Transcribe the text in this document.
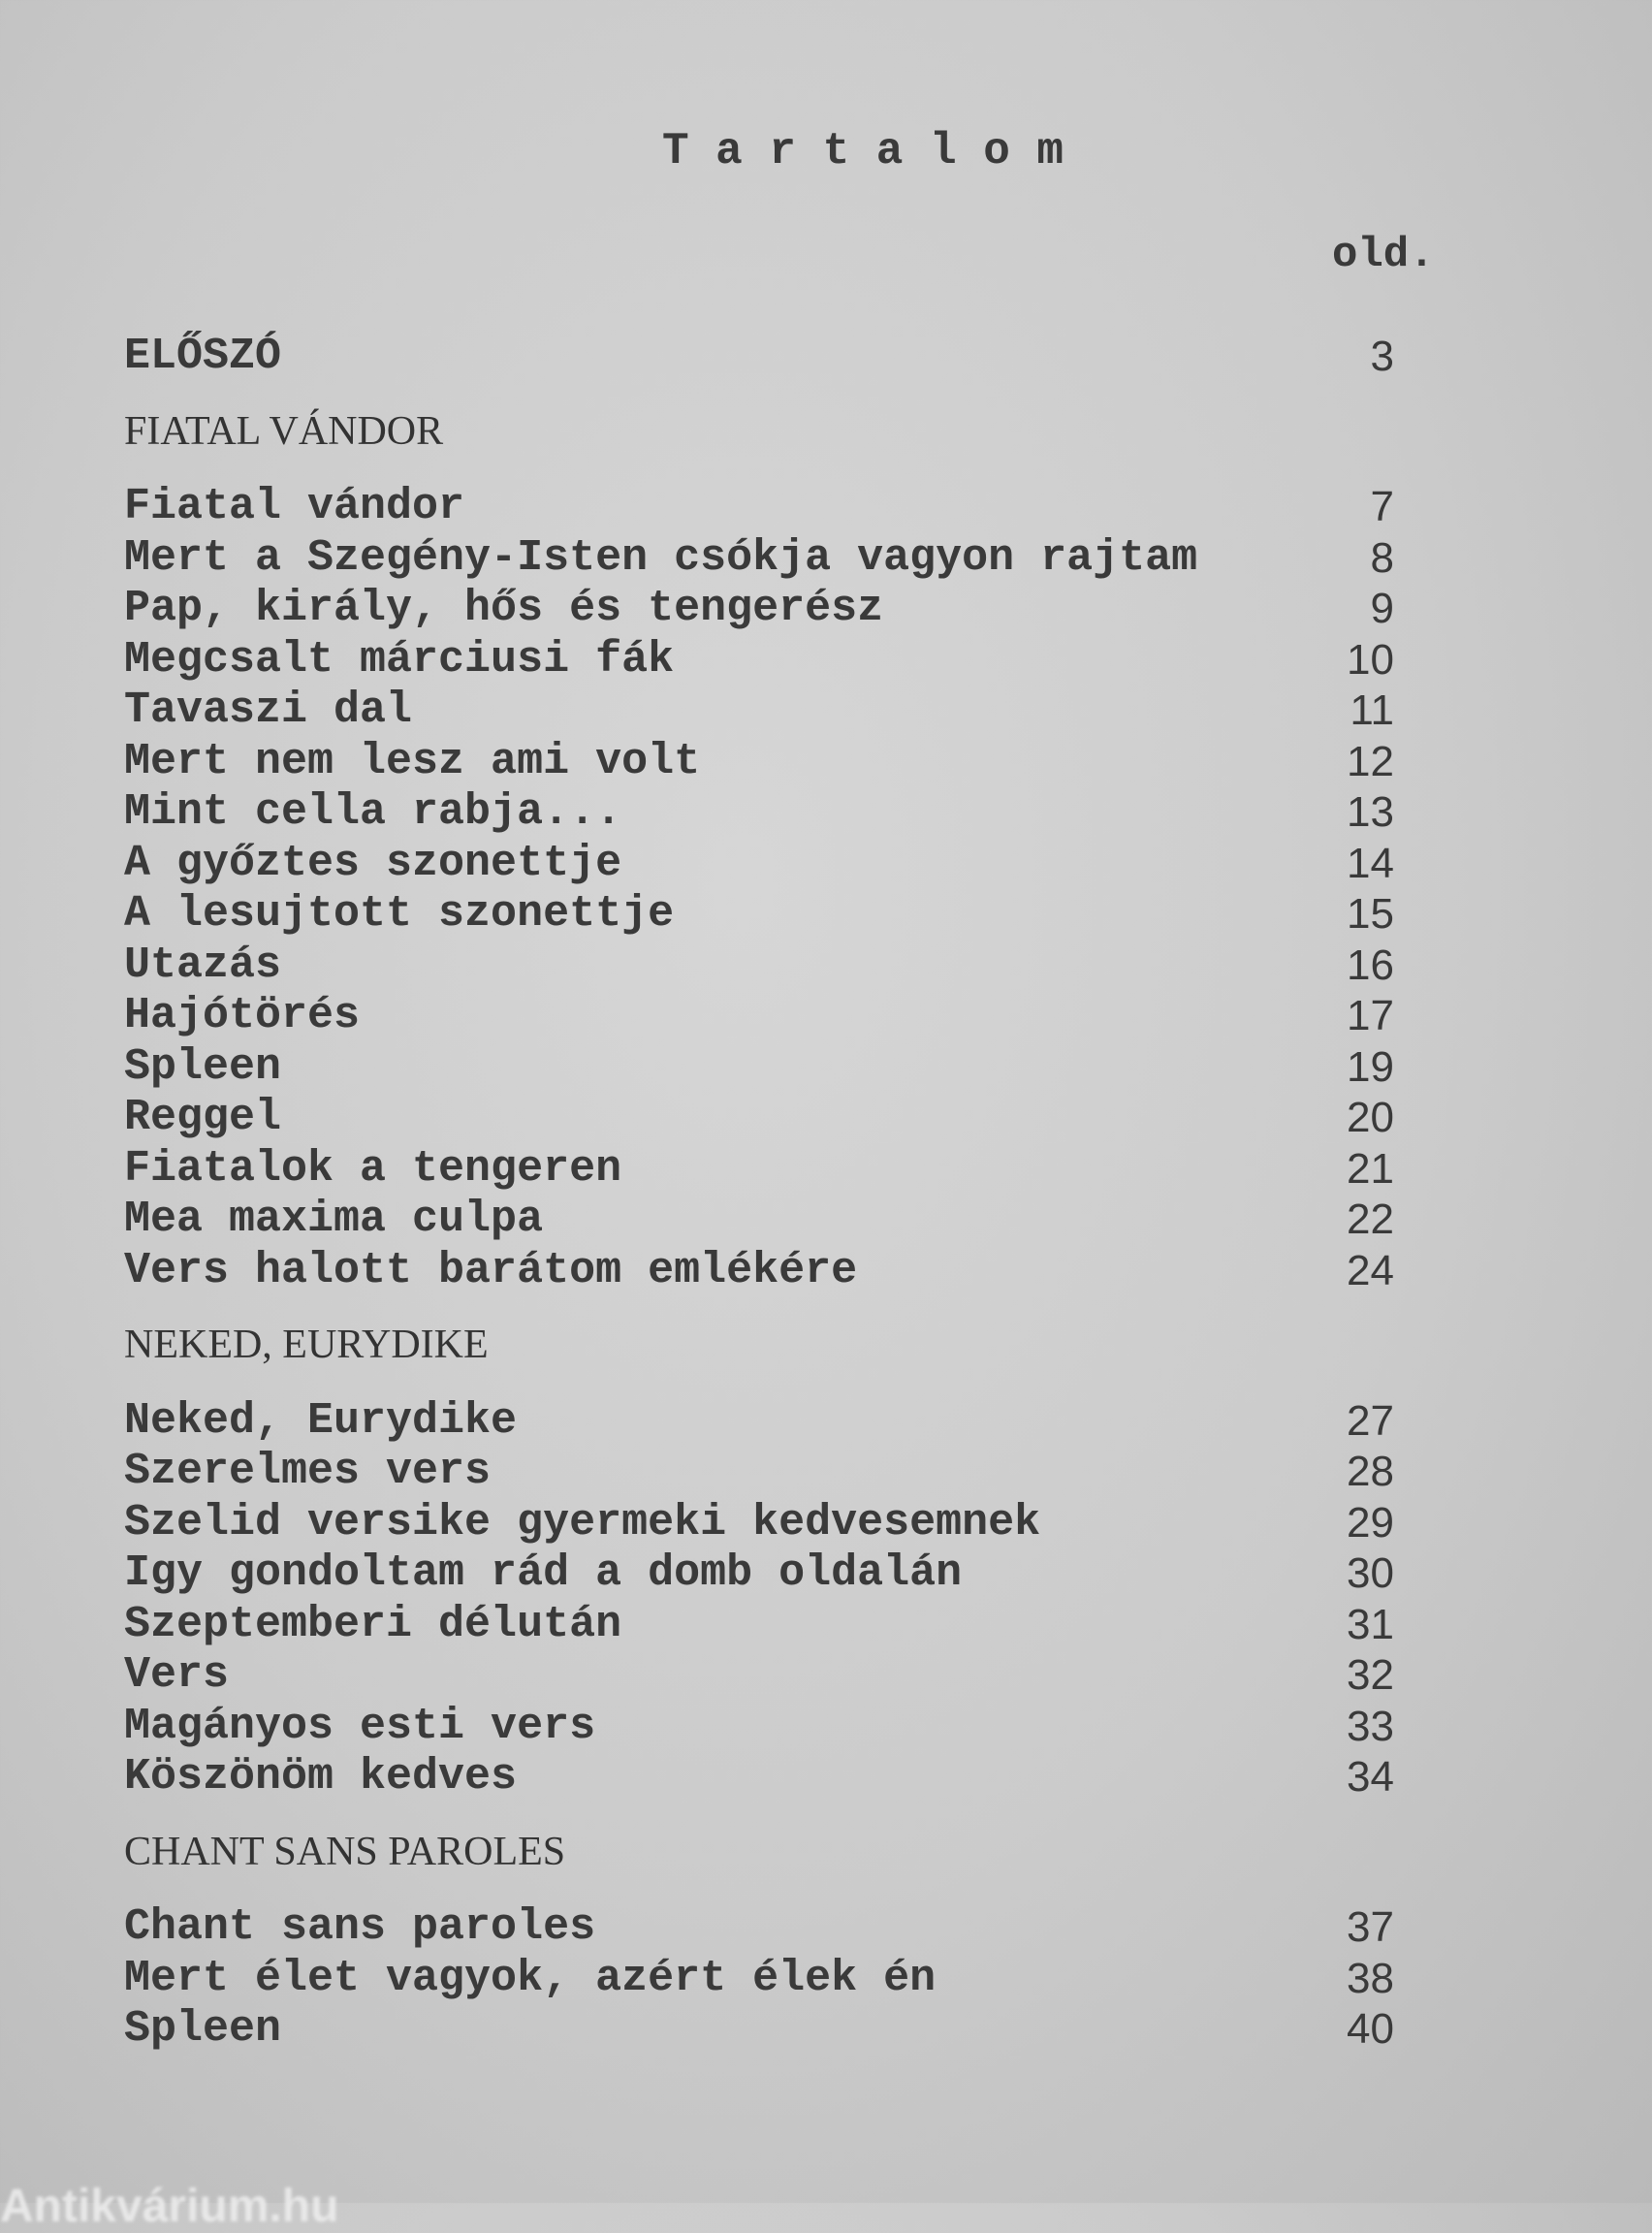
T a r t a l o m
old.
ELŐSZÓ	3
FIATAL VÁNDOR
Fiatal vándor	7
Mert a Szegény-Isten csókja vagyon rajtam	8
Pap, király, hős és tengerész	9
Megcsalt márciusi fák	10
Tavaszi dal	11
Mert nem lesz ami volt	12
Mint cella rabja...	13
A győztes szonettje	14
A lesujtott szonettje	15
Utazás	16
Hajótörés	17
Spleen	19
Reggel	20
Fiatalok a tengeren	21
Mea maxima culpa	22
Vers halott barátom emlékére	24
NEKED, EURYDIKE
Neked, Eurydike	27
Szerelmes vers	28
Szelid versike gyermeki kedvesemnek	29
Igy gondoltam rád a domb oldalán	30
Szeptemberi délután	31
Vers	32
Magányos esti vers	33
Köszönöm kedves	34
CHANT SANS PAROLES
Chant sans paroles	37
Mert élet vagyok, azért élek én	38
Spleen	40
Antikvárium.hu
